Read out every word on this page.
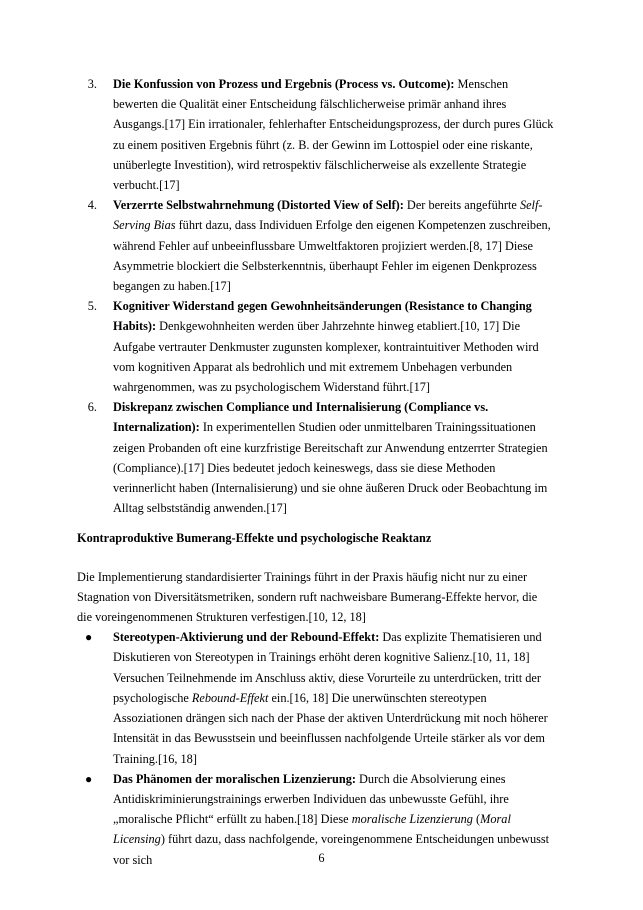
3. Die Konfussion von Prozess und Ergebnis (Process vs. Outcome): Menschen bewerten die Qualität einer Entscheidung fälschlicherweise primär anhand ihres Ausgangs.[17] Ein irrationaler, fehlerhafter Entscheidungsprozess, der durch pures Glück zu einem positiven Ergebnis führt (z. B. der Gewinn im Lottospiel oder eine riskante, unüberlegte Investition), wird retrospektiv fälschlicherweise als exzellente Strategie verbucht.[17]
4. Verzerrte Selbstwahrnehmung (Distorted View of Self): Der bereits angeführte Self-Serving Bias führt dazu, dass Individuen Erfolge den eigenen Kompetenzen zuschreiben, während Fehler auf unbeeinflussbare Umweltfaktoren projiziert werden.[8, 17] Diese Asymmetrie blockiert die Selbsterkenntnis, überhaupt Fehler im eigenen Denkprozess begangen zu haben.[17]
5. Kognitiver Widerstand gegen Gewohnheitsänderungen (Resistance to Changing Habits): Denkgewohnheiten werden über Jahrzehnte hinweg etabliert.[10, 17] Die Aufgabe vertrauter Denkmuster zugunsten komplexer, kontraintuitiver Methoden wird vom kognitiven Apparat als bedrohlich und mit extremem Unbehagen verbunden wahrgenommen, was zu psychologischem Widerstand führt.[17]
6. Diskrepanz zwischen Compliance und Internalisierung (Compliance vs. Internalization): In experimentellen Studien oder unmittelbaren Trainingssituationen zeigen Probanden oft eine kurzfristige Bereitschaft zur Anwendung entzerrter Strategien (Compliance).[17] Dies bedeutet jedoch keineswegs, dass sie diese Methoden verinnerlicht haben (Internalisierung) und sie ohne äußeren Druck oder Beobachtung im Alltag selbstständig anwenden.[17]

Kontraproduktive Bumerang-Effekte und psychologische Reaktanz

Die Implementierung standardisierter Trainings führt in der Praxis häufig nicht nur zu einer Stagnation von Diversitätsmetriken, sondern ruft nachweisbare Bumerang-Effekte hervor, die die voreingenommenen Strukturen verfestigen.[10, 12, 18]

● Stereotypen-Aktivierung und der Rebound-Effekt: Das explizite Thematisieren und Diskutieren von Stereotypen in Trainings erhöht deren kognitive Salienz.[10, 11, 18] Versuchen Teilnehmende im Anschluss aktiv, diese Vorurteile zu unterdrücken, tritt der psychologische Rebound-Effekt ein.[16, 18] Die unerwünschten stereotypen Assoziationen drängen sich nach der Phase der aktiven Unterdrückung mit noch höherer Intensität in das Bewusstsein und beeinflussen nachfolgende Urteile stärker als vor dem Training.[16, 18]
● Das Phänomen der moralischen Lizenzierung: Durch die Absolvierung eines Antidiskriminierungstrainings erwerben Individuen das unbewusste Gefühl, ihre „moralische Pflicht“ erfüllt zu haben.[18] Diese moralische Lizenzierung (Moral Licensing) führt dazu, dass nachfolgende, voreingenommene Entscheidungen unbewusst vor sich	6
